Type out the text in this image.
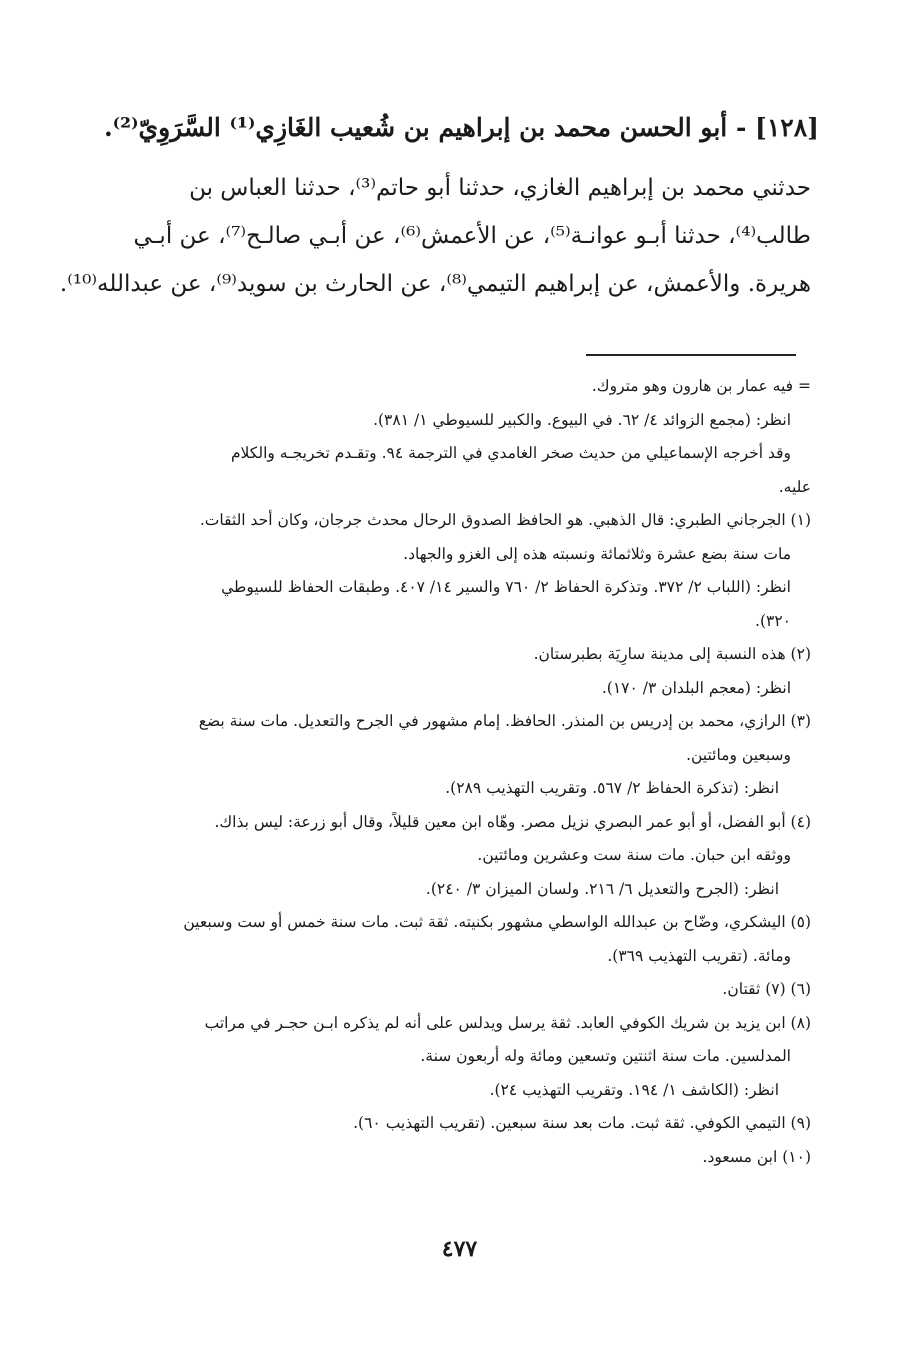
[١٢٨] - أبو الحسن محمد بن إبراهيم بن شُعيب الغَازِي⁽¹⁾ السَّرَوِيّ⁽²⁾.
حدثني محمد بن إبراهيم الغازي، حدثنا أبو حاتم⁽³⁾، حدثنا العباس بن
طالب⁽⁴⁾، حدثنا أبـو عوانـة⁽⁵⁾، عن الأعمش⁽⁶⁾، عن أبـي صالـح⁽⁷⁾، عن أبـي
هريرة. والأعمش، عن إبراهيم التيمي⁽⁸⁾، عن الحارث بن سويد⁽⁹⁾، عن عبدالله⁽¹⁰⁾.
= فيه عمار بن هارون وهو متروك.
انظر: (مجمع الزوائد ٤/ ٦٢. في البيوع. والكبير للسيوطي ١/ ٣٨١).
وقد أخرجه الإسماعيلي من حديث صخر الغامدي في الترجمة ٩٤. وتقـدم تخريجـه والكلام
عليه.
(١) الجرجاني الطبري: قال الذهبي. هو الحافظ الصدوق الرحال محدث جرجان، وكان أحد الثقات.
مات سنة بضع عشرة وثلاثمائة ونسبته هذه إلى الغزو والجهاد.
انظر: (اللباب ٢/ ٣٧٢. وتذكرة الحفاظ ٢/ ٧٦٠ والسير ١٤/ ٤٠٧. وطبقات الحفاظ للسيوطي
٣٢٠).
(٢) هذه النسبة إلى مدينة سارِيَة بطبرستان.
انظر: (معجم البلدان ٣/ ١٧٠).
(٣) الرازي، محمد بن إدريس بن المنذر. الحافظ. إمام مشهور في الجرح والتعديل. مات سنة بضع
وسبعين ومائتين.
انظر: (تذكرة الحفاظ ٢/ ٥٦٧. وتقريب التهذيب ٢٨٩).
(٤) أبو الفضل، أو أبو عمر البصري نزيل مصر. وهّاه ابن معين قليلاً، وقال أبو زرعة: ليس بذاك.
ووثقه ابن حبان. مات سنة ست وعشرين ومائتين.
انظر: (الجرح والتعديل ٦/ ٢١٦. ولسان الميزان ٣/ ٢٤٠).
(٥) اليشكري، وضّاح بن عبدالله الواسطي مشهور بكنيته. ثقة ثبت. مات سنة خمس أو ست وسبعين
ومائة. (تقريب التهذيب ٣٦٩).
(٦) (٧) ثقتان.
(٨) ابن يزيد بن شريك الكوفي العابد. ثقة يرسل ويدلس على أنه لم يذكره ابـن حجـر في مراتب
المدلسين. مات سنة اثنتين وتسعين ومائة وله أربعون سنة.
انظر: (الكاشف ١/ ١٩٤. وتقريب التهذيب ٢٤).
(٩) التيمي الكوفي. ثقة ثبت. مات بعد سنة سبعين. (تقريب التهذيب ٦٠).
(١٠) ابن مسعود.
٤٧٧
